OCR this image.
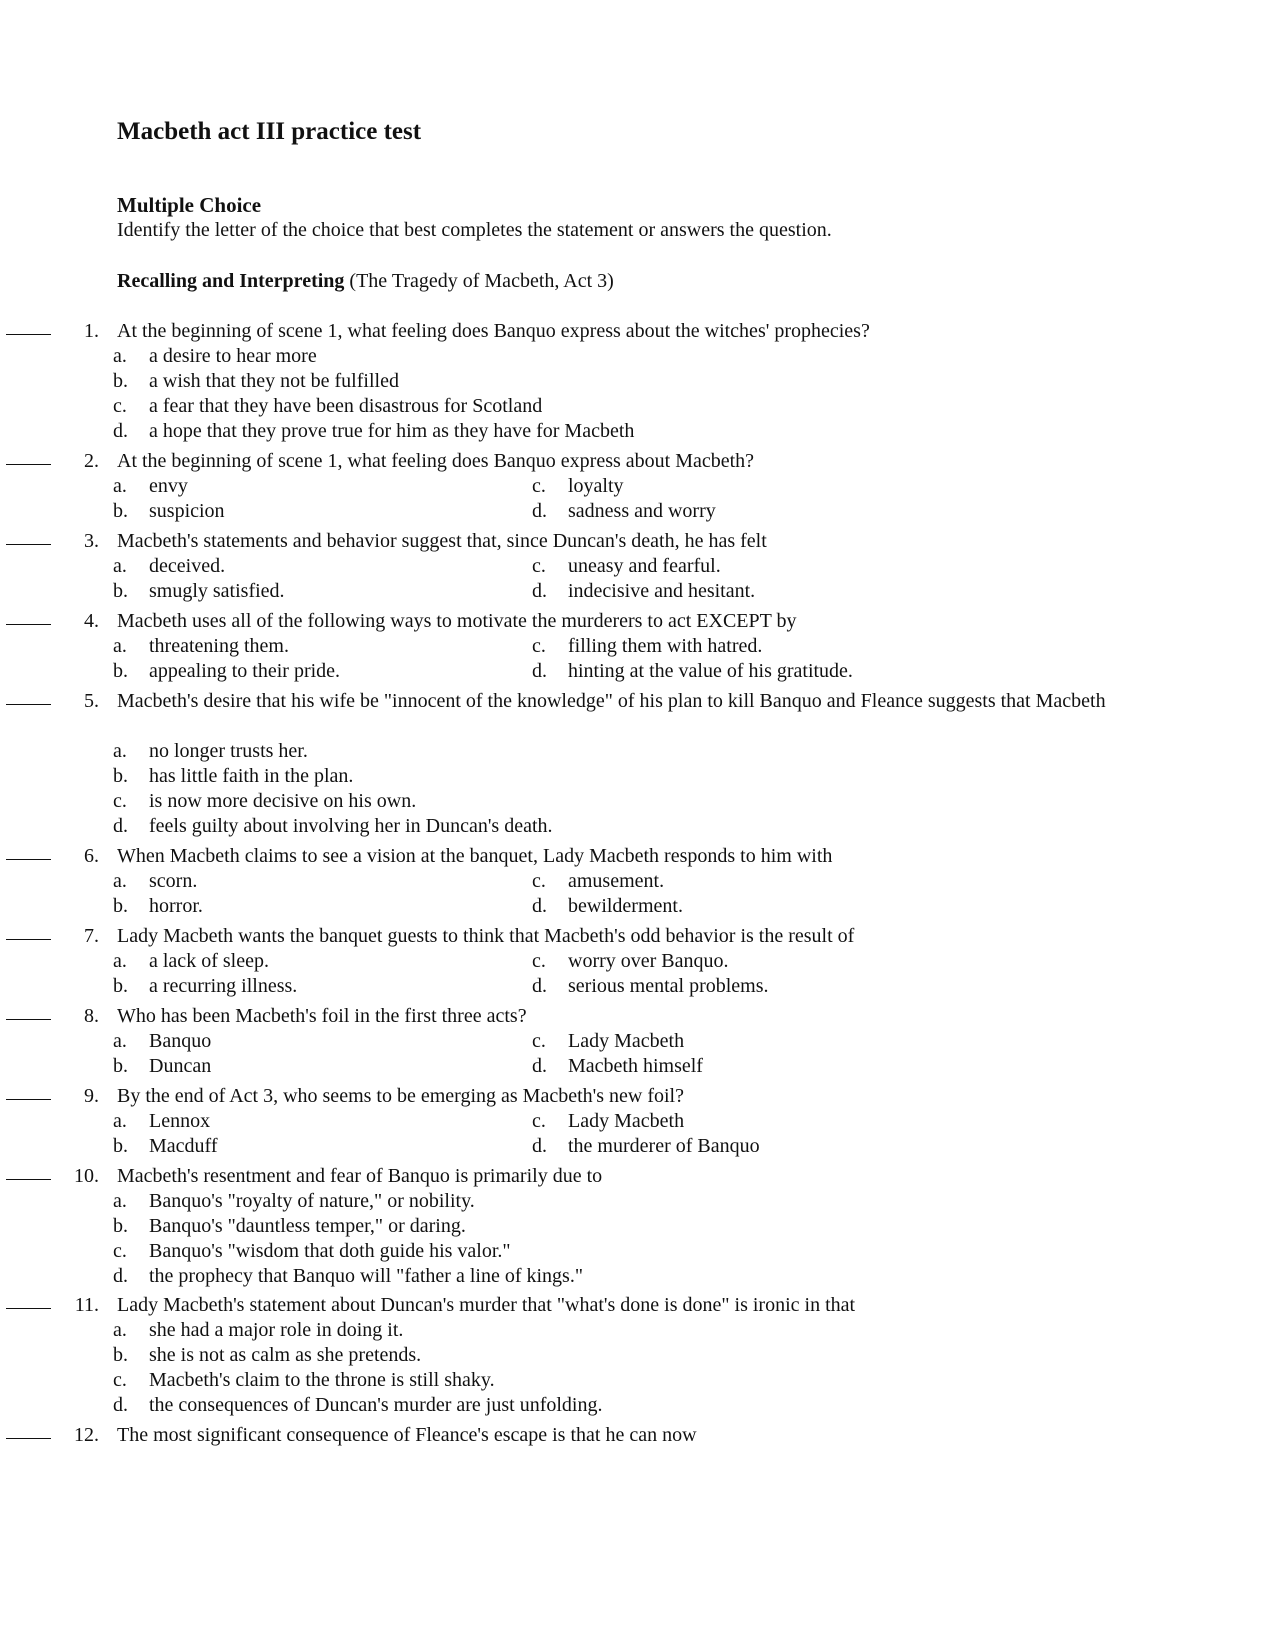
Macbeth act III practice test
Multiple Choice
Identify the letter of the choice that best completes the statement or answers the question.
Recalling and Interpreting (The Tragedy of Macbeth, Act 3)
1. At the beginning of scene 1, what feeling does Banquo express about the witches' prophecies?
a. a desire to hear more
b. a wish that they not be fulfilled
c. a fear that they have been disastrous for Scotland
d. a hope that they prove true for him as they have for Macbeth
2. At the beginning of scene 1, what feeling does Banquo express about Macbeth?
a. envy
b. suspicion
c. loyalty
d. sadness and worry
3. Macbeth's statements and behavior suggest that, since Duncan's death, he has felt
a. deceived.
b. smugly satisfied.
c. uneasy and fearful.
d. indecisive and hesitant.
4. Macbeth uses all of the following ways to motivate the murderers to act EXCEPT by
a. threatening them.
b. appealing to their pride.
c. filling them with hatred.
d. hinting at the value of his gratitude.
5. Macbeth's desire that his wife be "innocent of the knowledge" of his plan to kill Banquo and Fleance suggests that Macbeth
a. no longer trusts her.
b. has little faith in the plan.
c. is now more decisive on his own.
d. feels guilty about involving her in Duncan's death.
6. When Macbeth claims to see a vision at the banquet, Lady Macbeth responds to him with
a. scorn.
b. horror.
c. amusement.
d. bewilderment.
7. Lady Macbeth wants the banquet guests to think that Macbeth's odd behavior is the result of
a. a lack of sleep.
b. a recurring illness.
c. worry over Banquo.
d. serious mental problems.
8. Who has been Macbeth's foil in the first three acts?
a. Banquo
b. Duncan
c. Lady Macbeth
d. Macbeth himself
9. By the end of Act 3, who seems to be emerging as Macbeth's new foil?
a. Lennox
b. Macduff
c. Lady Macbeth
d. the murderer of Banquo
10. Macbeth's resentment and fear of Banquo is primarily due to
a. Banquo's "royalty of nature," or nobility.
b. Banquo's "dauntless temper," or daring.
c. Banquo's "wisdom that doth guide his valor."
d. the prophecy that Banquo will "father a line of kings."
11. Lady Macbeth's statement about Duncan's murder that "what's done is done" is ironic in that
a. she had a major role in doing it.
b. she is not as calm as she pretends.
c. Macbeth's claim to the throne is still shaky.
d. the consequences of Duncan's murder are just unfolding.
12. The most significant consequence of Fleance's escape is that he can now
